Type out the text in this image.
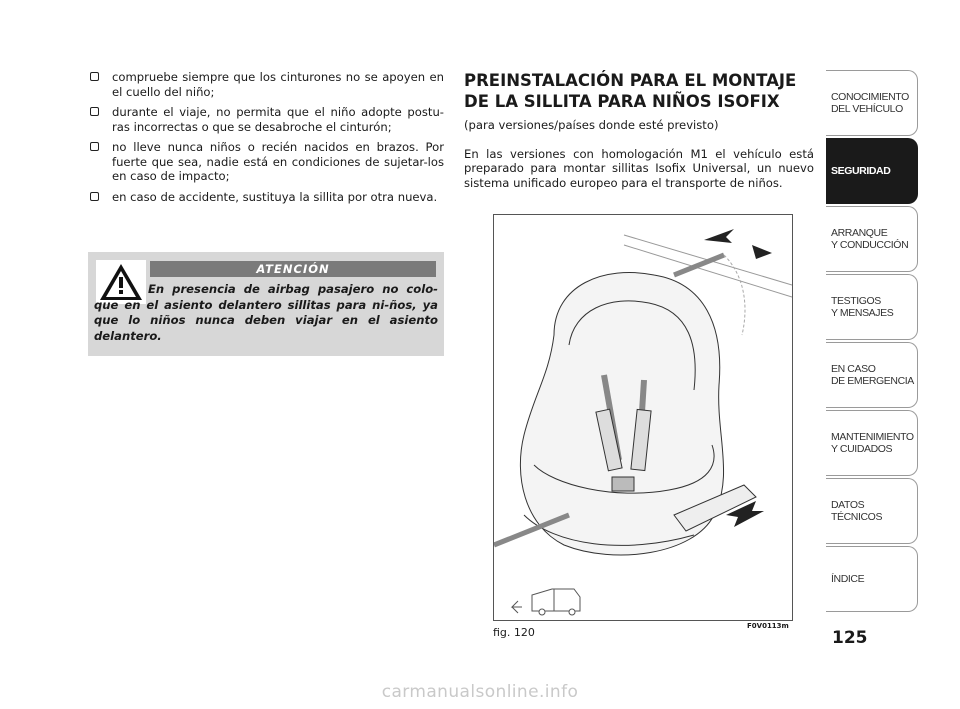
compruebe siempre que los cinturones no se apoyen en el cuello del niño;
durante el viaje, no permita que el niño adopte postu-ras incorrectas o que se desabroche el cinturón;
no lleve nunca niños o recién nacidos en brazos. Por fuerte que sea, nadie está en condiciones de sujetar-los en caso de impacto;
en caso de accidente, sustituya la sillita por otra nueva.
ATENCIÓN
En presencia de airbag pasajero no colo-que en el asiento delantero sillitas para ni-ños, ya que lo niños nunca deben viajar en el asiento delantero.
PREINSTALACIÓN PARA EL MONTAJE
DE LA SILLITA PARA NIÑOS ISOFIX

(para versiones/países donde esté previsto)

En las versiones con homologación M1 el vehículo está preparado para montar sillitas Isofix Universal, un nuevo sistema unificado europeo para el transporte de niños.

fig. 120	F0V0113m
125
CONOCIMIENTO
DEL VEHÍCULO
SEGURIDAD
ARRANQUE
Y CONDUCCIÓN
TESTIGOS
Y MENSAJES
EN CASO
DE EMERGENCIA
MANTENIMIENTO
Y CUIDADOS
DATOS TÉCNICOS
ÍNDICE
carmanualsonline.info
